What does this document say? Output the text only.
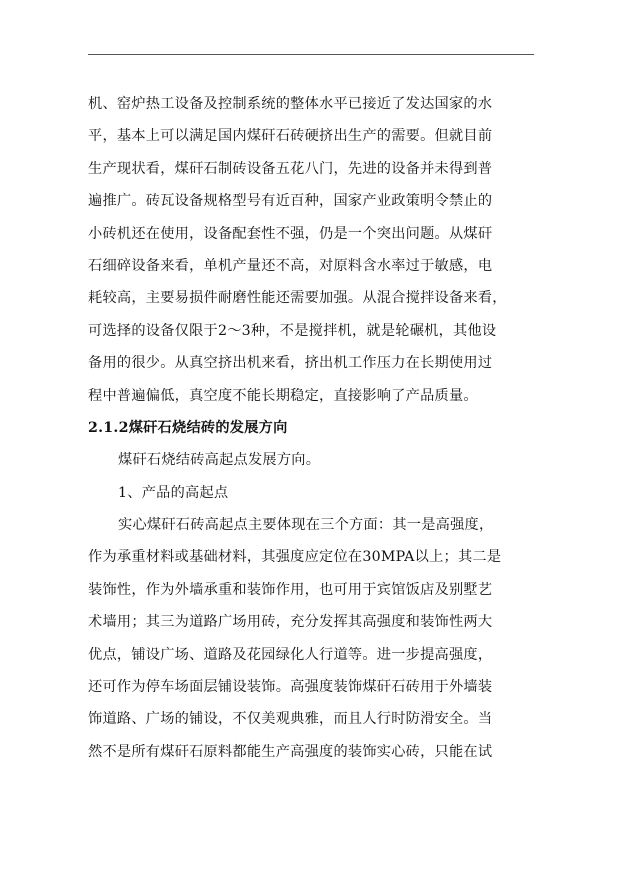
机、窑炉热工设备及控制系统的整体水平已接近了发达国家的水
平，基本上可以满足国内煤矸石砖硬挤出生产的需要。但就目前
生产现状看，煤矸石制砖设备五花八门，先进的设备并未得到普
遍推广。砖瓦设备规格型号有近百种，国家产业政策明令禁止的
小砖机还在使用，设备配套性不强，仍是一个突出问题。从煤矸
石细碎设备来看，单机产量还不高，对原料含水率过于敏感，电
耗较高，主要易损件耐磨性能还需要加强。从混合搅拌设备来看，
可选择的设备仅限于2～3种，不是搅拌机，就是轮碾机，其他设
备用的很少。从真空挤出机来看，挤出机工作压力在长期使用过
程中普遍偏低，真空度不能长期稳定，直接影响了产品质量。
2.1.2煤矸石烧结砖的发展方向
煤矸石烧结砖高起点发展方向。
1、产品的高起点
实心煤矸石砖高起点主要体现在三个方面：其一是高强度，
作为承重材料或基础材料，其强度应定位在30MPA以上；其二是
装饰性，作为外墙承重和装饰作用，也可用于宾馆饭店及别墅艺
术墙用；其三为道路广场用砖，充分发挥其高强度和装饰性两大
优点，铺设广场、道路及花园绿化人行道等。进一步提高强度，
还可作为停车场面层铺设装饰。高强度装饰煤矸石砖用于外墙装
饰道路、广场的铺设，不仅美观典雅，而且人行时防滑安全。当
然不是所有煤矸石原料都能生产高强度的装饰实心砖，只能在试
